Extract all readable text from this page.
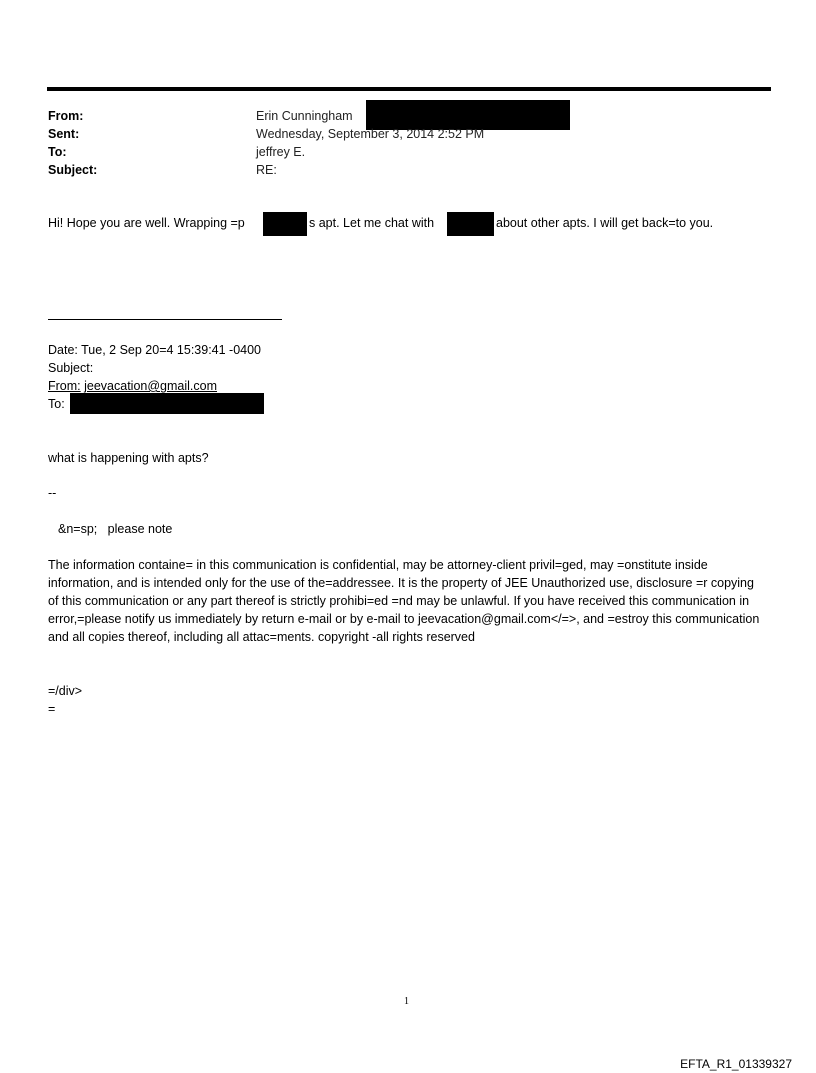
From:	Erin Cunningham
Sent:	Wednesday, September 3, 2014 2:52 PM
To:	jeffrey E.
Subject:	RE:
Hi! Hope you are well. Wrapping =p	s apt. Let me chat with	about other apts. I will get back=to you.
Date: Tue, 2 Sep 20=4 15:39:41 -0400
Subject:
From: jeevacation@gmail.com
To:
what is happening with apts?
--
&n=sp;   please note
The information containe= in this communication is confidential, may be attorney-client privil=ged, may =onstitute inside information, and is intended only for the use of the=addressee. It is the property of JEE Unauthorized use, disclosure =r copying of this communication or any part thereof is strictly prohibi=ed =nd may be unlawful. If you have received this communication in error,=please notify us immediately by return e-mail or by e-mail to jeevacation@gmail.com</=>, and =estroy this communication and all copies thereof, including all attac=ments. copyright -all rights reserved
=/div>
=
1
EFTA_R1_01339327
